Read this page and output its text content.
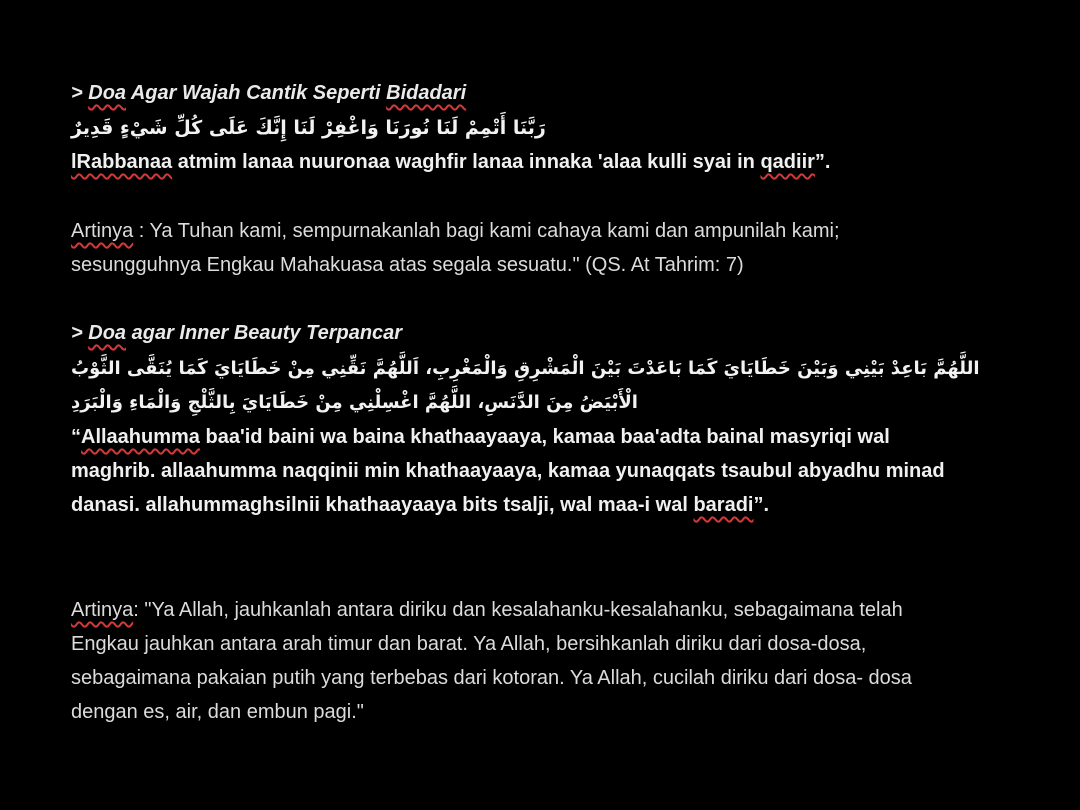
> Doa Agar Wajah Cantik Seperti Bidadari
رَبَّنَا أَتْمِمْ لَنَا نُورَنَا وَاغْفِرْ لَنَا إِنَّكَ عَلَى كُلِّ شَيْءٍ قَدِيرٌ
lRabbanaa atmim lanaa nuuronaa waghfir lanaa innaka 'alaa kulli syai in qadiir”.
Artinya : Ya Tuhan kami, sempurnakanlah bagi kami cahaya kami dan ampunilah kami; sesungguhnya Engkau Mahakuasa atas segala sesuatu." (QS. At Tahrim: 7)
> Doa agar Inner Beauty Terpancar
اللَّهُمَّ بَاعِدْ بَيْنِي وَبَيْنَ خَطَايَايَ كَمَا بَاعَدْتَ بَيْنَ الْمَشْرِقِ وَالْمَغْرِبِ، اَللَّهُمَّ نَقِّنِي مِنْ خَطَايَايَ كَمَا يُنَقَّى الثَّوْبُ
الْأَبْيَضُ مِنَ الدَّنَسِ، اللَّهُمَّ اغْسِلْنِي مِنْ خَطَايَايَ بِالثَّلْجِ وَالْمَاءِ وَالْبَرَدِ
“Allaahumma baa'id baini wa baina khathaayaaya, kamaa baa'adta bainal masyriqi wal maghrib. allaahumma naqqinii min khathaayaaya, kamaa yunaqqats tsaubul abyadhu minad danasi. allahummaghsilnii khathaayaaya bits tsalji, wal maa-i wal baradi”.
Artinya: "Ya Allah, jauhkanlah antara diriku dan kesalahanku-kesalahanku, sebagaimana telah Engkau jauhkan antara arah timur dan barat. Ya Allah, bersihkanlah diriku dari dosa-dosa, sebagaimana pakaian putih yang terbebas dari kotoran. Ya Allah, cucilah diriku dari dosa- dosa dengan es, air, dan embun pagi."
